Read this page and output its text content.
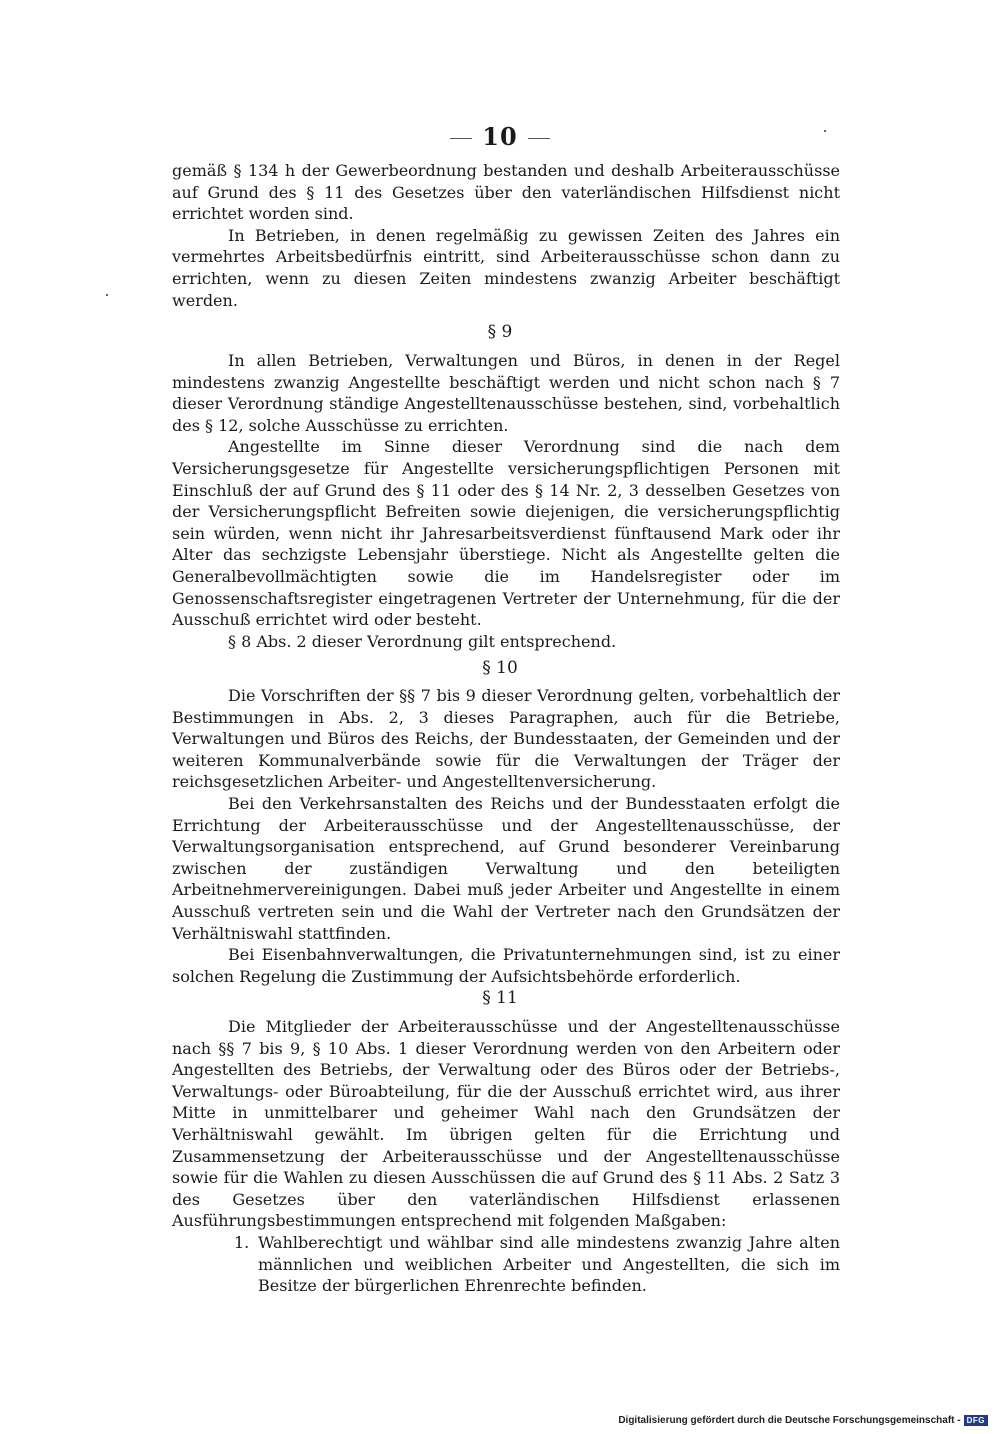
10

gemäß § 134 h der Gewerbeordnung bestanden und deshalb Arbeiterausschüsse auf Grund des § 11 des Gesetzes über den vaterländischen Hilfsdienst nicht errichtet worden sind.

In Betrieben, in denen regelmäßig zu gewissen Zeiten des Jahres ein vermehrtes Arbeitsbedürfnis eintritt, sind Arbeiterausschüsse schon dann zu errichten, wenn zu diesen Zeiten mindestens zwanzig Arbeiter beschäftigt werden.

§ 9

In allen Betrieben, Verwaltungen und Büros, in denen in der Regel mindestens zwanzig Angestellte beschäftigt werden und nicht schon nach § 7 dieser Verordnung ständige Angestelltenausschüsse bestehen, sind, vorbehaltlich des § 12, solche Ausschüsse zu errichten.

Angestellte im Sinne dieser Verordnung sind die nach dem Versicherungsgesetze für Angestellte versicherungspflichtigen Personen mit Einschluß der auf Grund des § 11 oder des § 14 Nr. 2, 3 desselben Gesetzes von der Versicherungspflicht Befreiten sowie diejenigen, die versicherungspflichtig sein würden, wenn nicht ihr Jahresarbeitsverdienst fünftausend Mark oder ihr Alter das sechzigste Lebensjahr überstiege. Nicht als Angestellte gelten die Generalbevollmächtigten sowie die im Handelsregister oder im Genossenschaftsregister eingetragenen Vertreter der Unternehmung, für die der Ausschuß errichtet wird oder besteht.

§ 8 Abs. 2 dieser Verordnung gilt entsprechend.

§ 10

Die Vorschriften der §§ 7 bis 9 dieser Verordnung gelten, vorbehaltlich der Bestimmungen in Abs. 2, 3 dieses Paragraphen, auch für die Betriebe, Verwaltungen und Büros des Reichs, der Bundesstaaten, der Gemeinden und der weiteren Kommunalverbände sowie für die Verwaltungen der Träger der reichsgesetzlichen Arbeiter- und Angestelltenversicherung.

Bei den Verkehrsanstalten des Reichs und der Bundesstaaten erfolgt die Errichtung der Arbeiterausschüsse und der Angestelltenausschüsse, der Verwaltungsorganisation entsprechend, auf Grund besonderer Vereinbarung zwischen der zuständigen Verwaltung und den beteiligten Arbeitnehmervereinigungen. Dabei muß jeder Arbeiter und Angestellte in einem Ausschuß vertreten sein und die Wahl der Vertreter nach den Grundsätzen der Verhältniswahl stattfinden.

Bei Eisenbahnverwaltungen, die Privatunternehmungen sind, ist zu einer solchen Regelung die Zustimmung der Aufsichtsbehörde erforderlich.

§ 11

Die Mitglieder der Arbeiterausschüsse und der Angestelltenausschüsse nach §§ 7 bis 9, § 10 Abs. 1 dieser Verordnung werden von den Arbeitern oder Angestellten des Betriebs, der Verwaltung oder des Büros oder der Betriebs-, Verwaltungs- oder Büroabteilung, für die der Ausschuß errichtet wird, aus ihrer Mitte in unmittelbarer und geheimer Wahl nach den Grundsätzen der Verhältniswahl gewählt. Im übrigen gelten für die Errichtung und Zusammensetzung der Arbeiterausschüsse und der Angestelltenausschüsse sowie für die Wahlen zu diesen Ausschüssen die auf Grund des § 11 Abs. 2 Satz 3 des Gesetzes über den vaterländischen Hilfsdienst erlassenen Ausführungsbestimmungen entsprechend mit folgenden Maßgaben:

1. Wahlberechtigt und wählbar sind alle mindestens zwanzig Jahre alten männlichen und weiblichen Arbeiter und Angestellten, die sich im Besitze der bürgerlichen Ehrenrechte befinden.
Digitalisierung gefördert durch die Deutsche Forschungsgemeinschaft - DFG
